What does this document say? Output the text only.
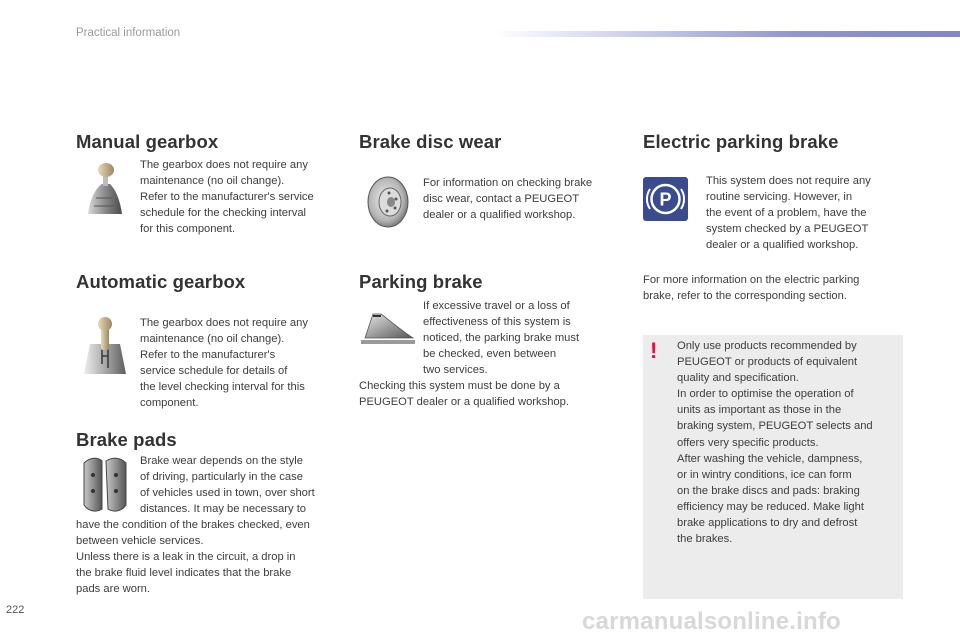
Practical information
Manual gearbox

The gearbox does not require any
maintenance (no oil change).
Refer to the manufacturer's service
schedule for the checking interval
for this component.

Automatic gearbox

The gearbox does not require any
maintenance (no oil change).
Refer to the manufacturer's
service schedule for details of
the level checking interval for this
component.

Brake pads

Brake wear depends on the style
of driving, particularly in the case
of vehicles used in town, over short
distances. It may be necessary to

have the condition of the brakes checked, even
between vehicle services.
Unless there is a leak in the circuit, a drop in
the brake fluid level indicates that the brake
pads are worn.

Brake disc wear

For information on checking brake
disc wear, contact a PEUGEOT
dealer or a qualified workshop.

Parking brake

If excessive travel or a loss of
effectiveness of this system is
noticed, the parking brake must
be checked, even between
two services.

Checking this system must be done by a
PEUGEOT dealer or a qualified workshop.

Electric parking brake
P

This system does not require any
routine servicing. However, in
the event of a problem, have the
system checked by a PEUGEOT
dealer or a qualified workshop.

For more information on the electric parking
brake, refer to the corresponding section.

! Only use products recommended by
PEUGEOT or products of equivalent
quality and specification.
In order to optimise the operation of
units as important as those in the
braking system, PEUGEOT selects and
offers very specific products.
After washing the vehicle, dampness,
or in wintry conditions, ice can form
on the brake discs and pads: braking
efficiency may be reduced. Make light
brake applications to dry and defrost
the brakes.

222	carmanualsonline.info
